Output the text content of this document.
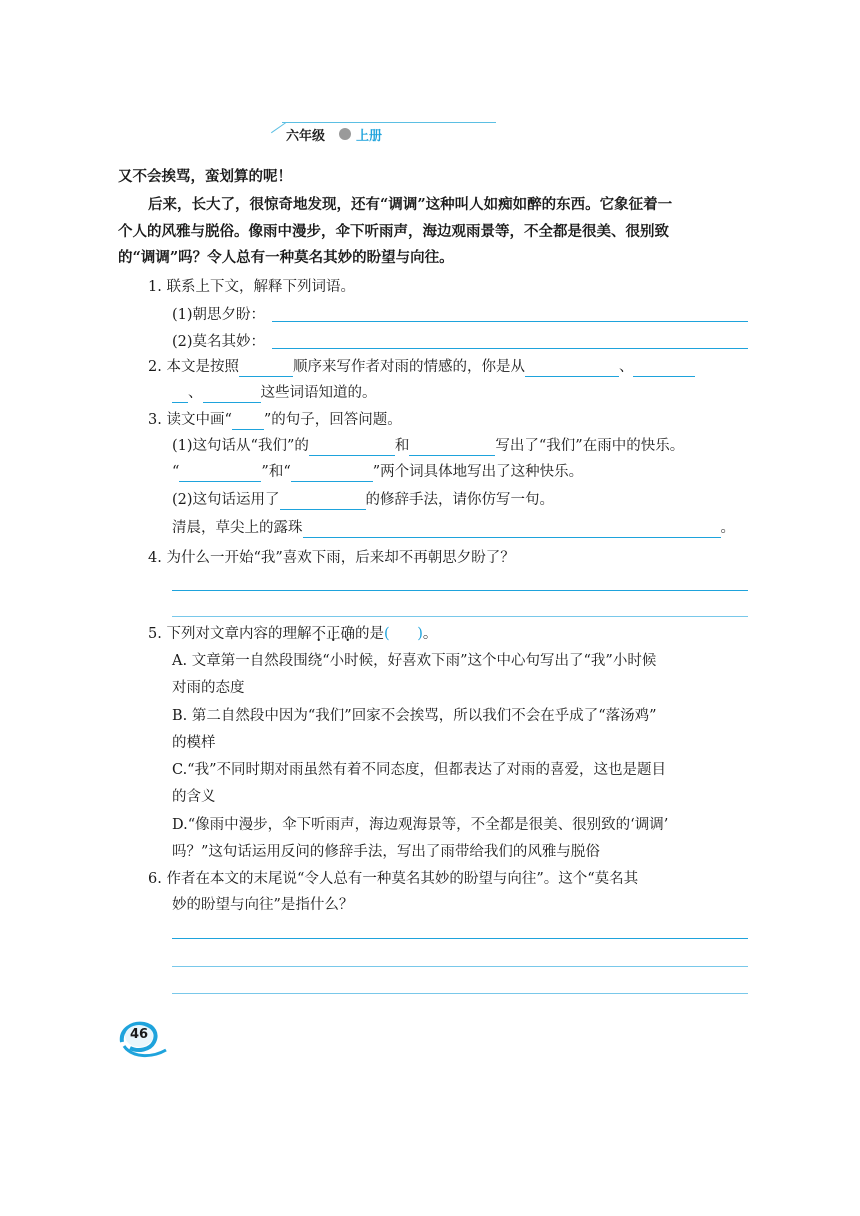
六年级 上册
又不会挨骂，蛮划算的呢！
后来，长大了，很惊奇地发现，还有“调调”这种叫人如痴如醉的东西。它象征着一
个人的风雅与脱俗。像雨中漫步，伞下听雨声，海边观雨景等，不全都是很美、很别致
的“调调”吗？令人总有一种莫名其妙的盼望与向往。
1. 联系上下文，解释下列词语。
(1)朝思夕盼：
(2)莫名其妙：
2. 本文是按照	顺序来写作者对雨的情感的，你是从	、
、	这些词语知道的。
3. 读文中画“ ”的句子，回答问题。
(1)这句话从“我们”的	和	写出了“我们”在雨中的快乐。
“	”和“	”两个词具体地写出了这种快乐。
(2)这句话运用了	的修辞手法，请你仿写一句。
清晨，草尖上的露珠	。
4. 为什么一开始“我”喜欢下雨，后来却不再朝思夕盼了？
5. 下列对文章内容的理解不正确的是(      )。
A. 文章第一自然段围绕“小时候，好喜欢下雨”这个中心句写出了“我”小时候
对雨的态度
B. 第二自然段中因为“我们”回家不会挨骂，所以我们不会在乎成了“落汤鸡”
的模样
C.“我”不同时期对雨虽然有着不同态度，但都表达了对雨的喜爱，这也是题目
的含义
D.“像雨中漫步，伞下听雨声，海边观海景等，不全都是很美、很别致的‘调调’
吗？”这句话运用反问的修辞手法，写出了雨带给我们的风雅与脱俗
6. 作者在本文的末尾说“令人总有一种莫名其妙的盼望与向往”。这个“莫名其
妙的盼望与向往”是指什么？
46
